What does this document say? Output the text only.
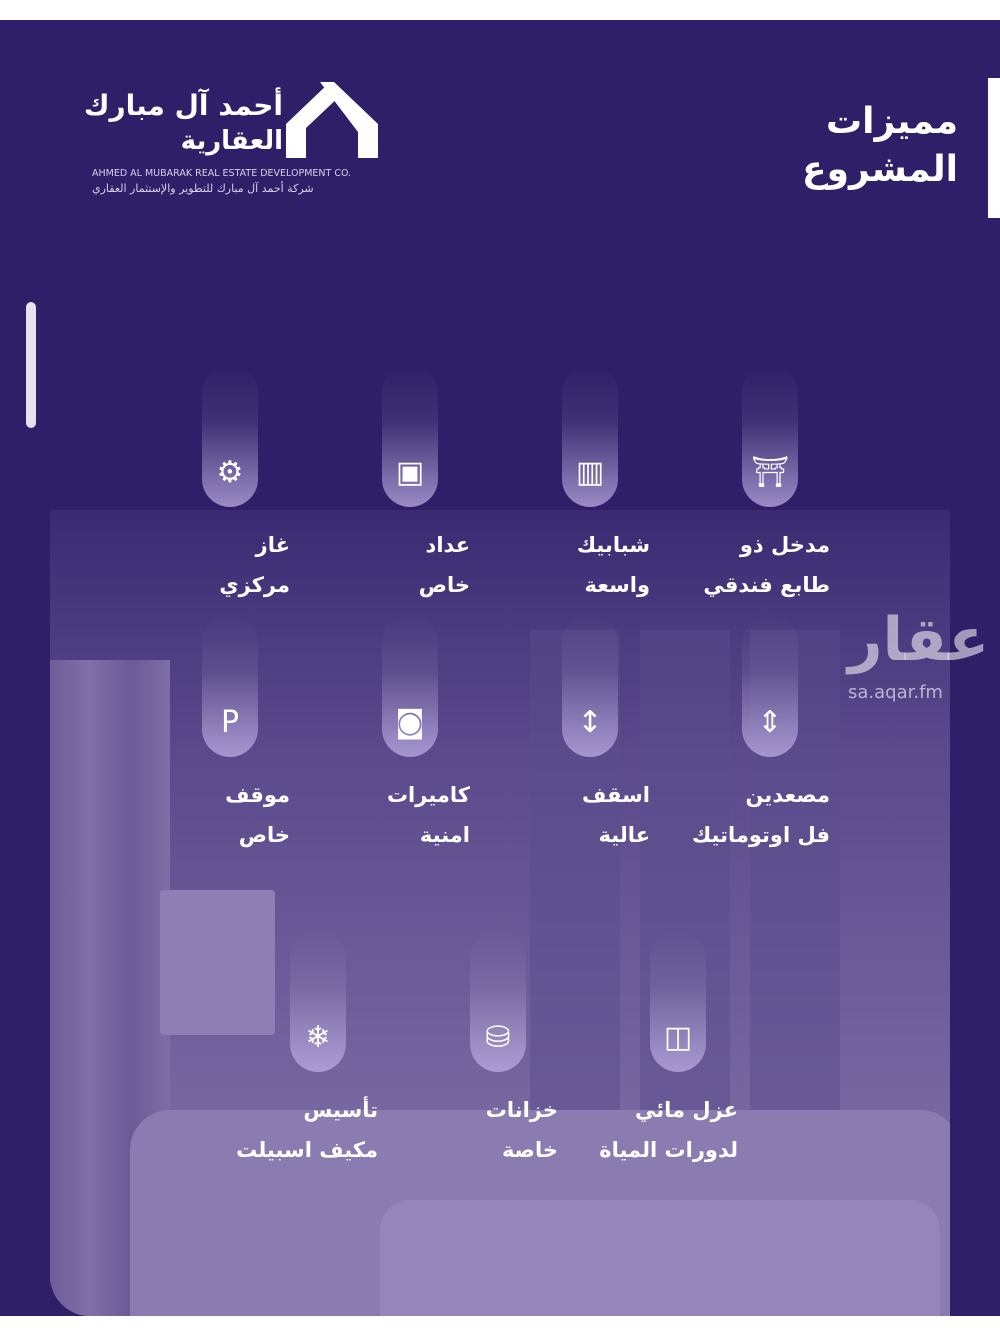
أحمد آل مبارك
العقارية
AHMED AL MUBARAK REAL ESTATE DEVELOPMENT CO.
شركة أحمد آل مبارك للتطوير والإستثمار العقاري
مميزات
المشروع
⛩
مدخل ذو
طابع فندقي
▥
شبابيك
واسعة
▣
عداد
خاص
⚙
غاز
مركزي
⇕
مصعدين
فل اوتوماتيك
↕
اسقف
عالية
◙
كاميرات
امنية
P
موقف
خاص
◫
عزل مائي
لدورات المياة
⛁
خزانات
خاصة
❄
تأسيس
مكيف اسبيلت
عقار
sa.aqar.fm
